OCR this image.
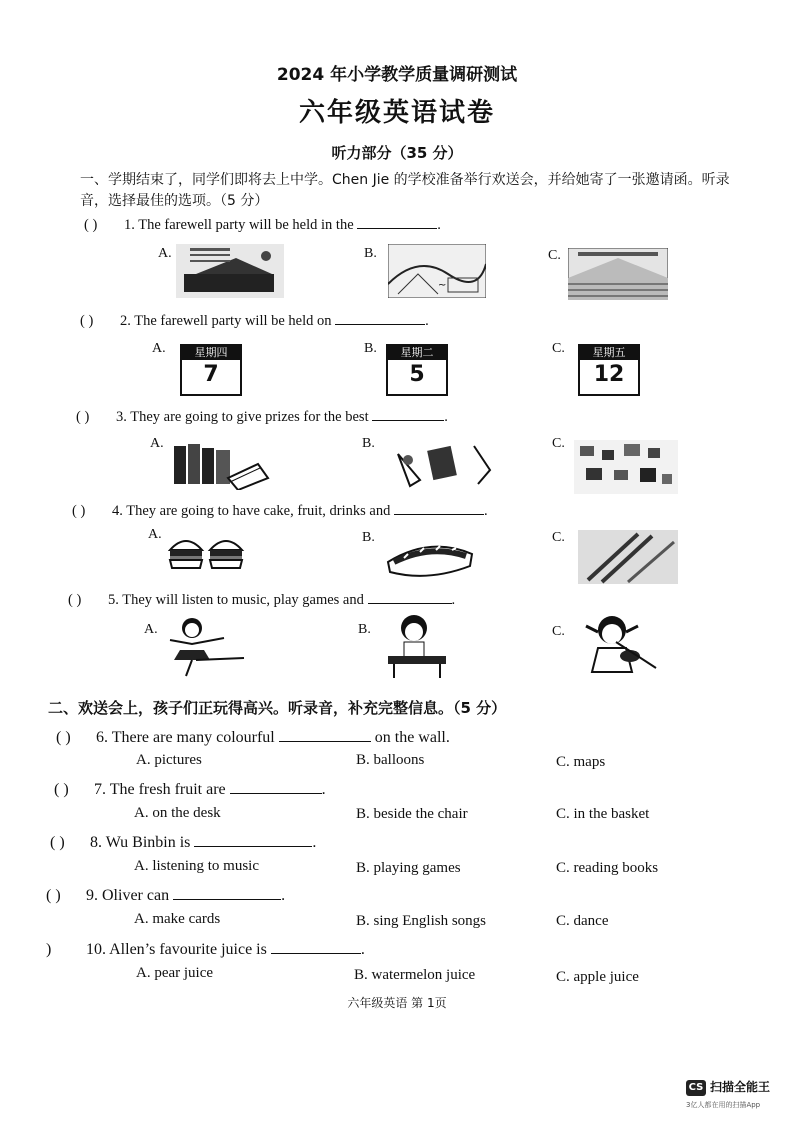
2024 年小学教学质量调研测试
六年级英语试卷
听力部分（35 分）
一、学期结束了，同学们即将去上中学。Chen Jie 的学校准备举行欢送会，并给她寄了一张邀请函。听录音，选择最佳的选项。（5 分）
( ) 1. The farewell party will be held in the	.
A.	B.	C.
~
( ) 2. The farewell party will be held on	.
A.	B.	C.
星期四
7
星期二
5
星期五
12
( ) 3. They are going to give prizes for the best	.
A.	B.	C.
( ) 4. They are going to have cake, fruit, drinks and	.
A.	B.	C.
( ) 5. They will listen to music, play games and	.
A.	B.	C.
二、欢送会上，孩子们正玩得高兴。听录音，补充完整信息。（5 分）
( ) 6. There are many colourful	on the wall.
A. pictures	B. balloons	C. maps
( ) 7. The fresh fruit are	.
A. on the desk	B. beside the chair	C. in the basket
( ) 8. Wu Binbin is	.
A. listening to music	B. playing games	C. reading books
( ) 9. Oliver can	.
A. make cards	B. sing English songs	C. dance
) 10. Allen’s favourite juice is	.
A. pear juice	B. watermelon juice	C. apple juice
六年级英语 第 1页
CS 扫描全能王
3亿人都在用的扫描App
